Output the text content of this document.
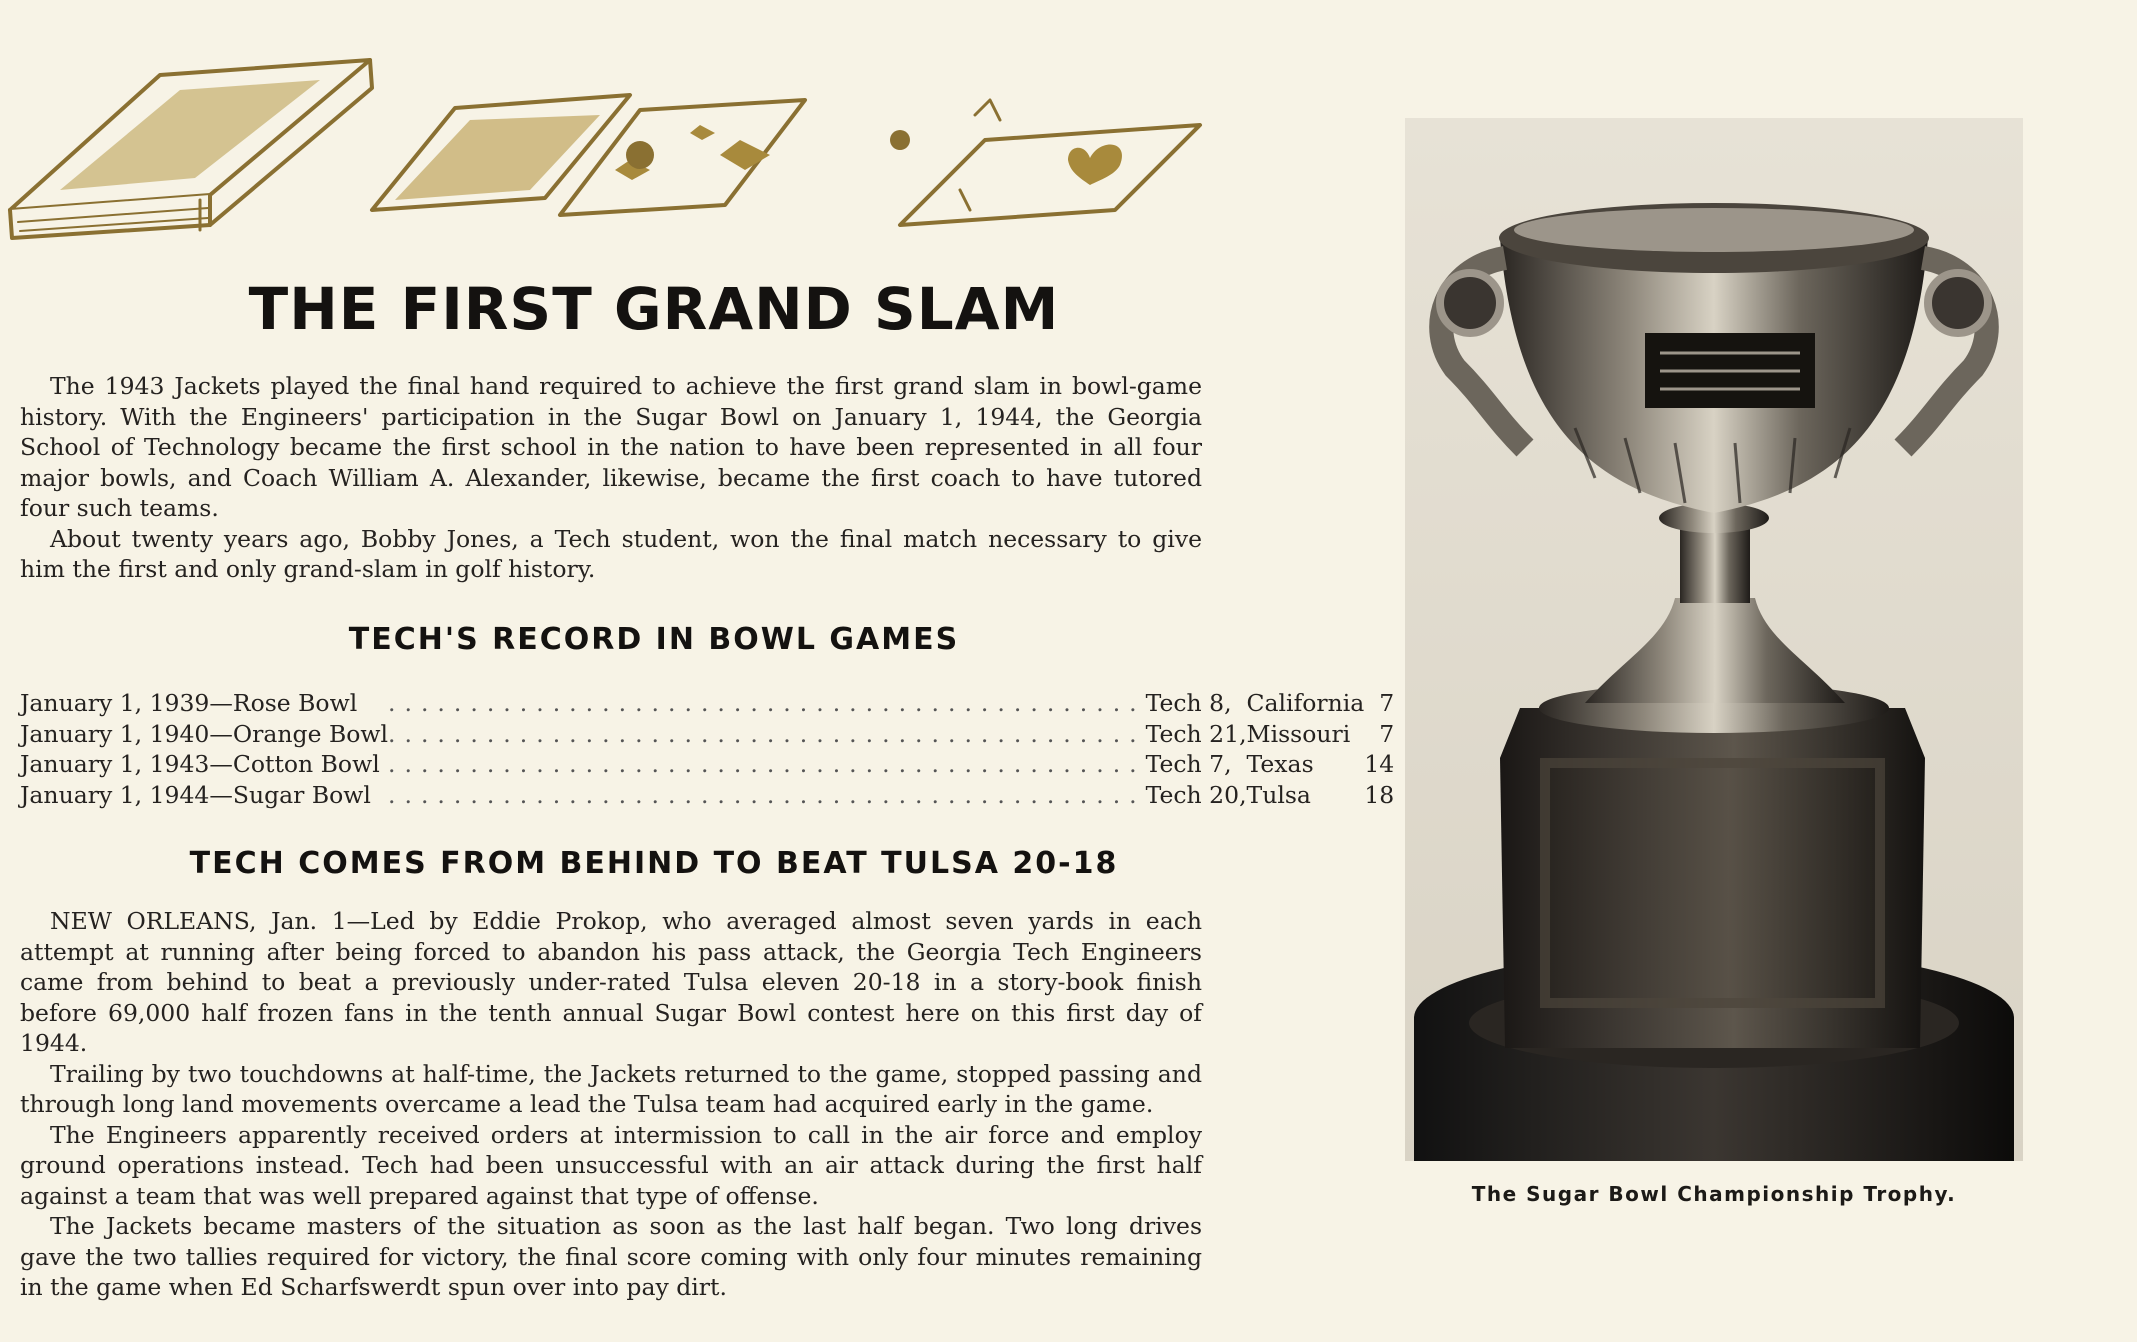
THE FIRST GRAND SLAM

The 1943 Jackets played the final hand required to achieve the first grand slam in bowl-game history. With the Engineers' participation in the Sugar Bowl on January 1, 1944, the Georgia School of Technology became the first school in the nation to have been represented in all four major bowls, and Coach William A. Alexander, likewise, became the first coach to have tutored four such teams.

About twenty years ago, Bobby Jones, a Tech student, won the final match necessary to give him the first and only grand-slam in golf history.

TECH'S RECORD IN BOWL GAMES
January 1, 1939—Rose Bowl	..............................................	Tech 8,	California	7
January 1, 1940—Orange Bowl	..............................................	Tech 21,	Missouri	7
January 1, 1943—Cotton Bowl	..............................................	Tech 7,	Texas	14
January 1, 1944—Sugar Bowl	..............................................	Tech 20,	Tulsa	18
TECH COMES FROM BEHIND TO BEAT TULSA 20-18

NEW ORLEANS, Jan. 1—Led by Eddie Prokop, who averaged almost seven yards in each attempt at running after being forced to abandon his pass attack, the Georgia Tech Engineers came from behind to beat a previously under-rated Tulsa eleven 20-18 in a story-book finish before 69,000 half frozen fans in the tenth annual Sugar Bowl contest here on this first day of 1944.

Trailing by two touchdowns at half-time, the Jackets returned to the game, stopped passing and through long land movements overcame a lead the Tulsa team had acquired early in the game.

The Engineers apparently received orders at intermission to call in the air force and employ ground operations instead. Tech had been unsuccessful with an air attack during the first half against a team that was well prepared against that type of offense.

The Jackets became masters of the situation as soon as the last half began. Two long drives gave the two tallies required for victory, the final score coming with only four minutes remaining in the game when Ed Scharfswerdt spun over into pay dirt.

The Sugar Bowl Championship Trophy.
